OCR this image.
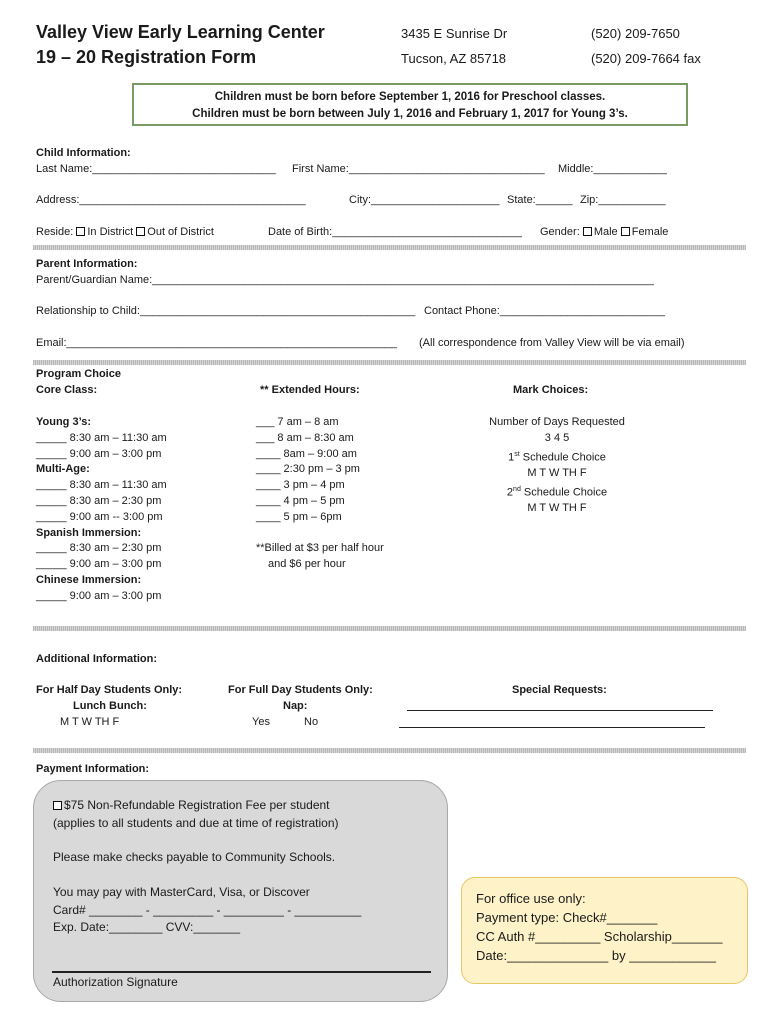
Valley View Early Learning Center
19 – 20 Registration Form
3435 E Sunrise Dr
Tucson, AZ 85718
(520) 209-7650
(520) 209-7664 fax
Children must be born before September 1, 2016 for Preschool classes.
Children must be born between July 1, 2016 and February 1, 2017 for Young 3’s.
Child Information:
Last Name:______________________________ First Name:________________________________ Middle:____________
Address:_____________________________________	City:_____________________ State:______ Zip:___________
Reside: In District Out of District	Date of Birth:_______________________________ Gender: Male Female
Parent Information:
Parent/Guardian Name:__________________________________________________________________________________
Relationship to Child:_____________________________________________ Contact Phone:___________________________
Email:______________________________________________________ (All correspondence from Valley View will be via email)
Program Choice
Core Class:	** Extended Hours:	Mark Choices:
Young 3’s:
_____ 8:30 am – 11:30 am
_____ 9:00 am – 3:00 pm
Multi-Age:
_____ 8:30 am – 11:30 am
_____ 8:30 am – 2:30 pm
_____ 9:00 am -- 3:00 pm
Spanish Immersion:
_____ 8:30 am – 2:30 pm
_____ 9:00 am – 3:00 pm
Chinese Immersion:
_____ 9:00 am – 3:00 pm
___ 7 am – 8 am
___ 8 am – 8:30 am
____ 8am – 9:00 am
____ 2:30 pm – 3 pm
____ 3 pm – 4 pm
____ 4 pm – 5 pm
____ 5 pm – 6pm
**Billed at $3 per half hour
and $6 per hour
Number of Days Requested
3 4 5
1st Schedule Choice
M T W TH F
2nd Schedule Choice
M T W TH F
Additional Information:
For Half Day Students Only:
Lunch Bunch:
M T W TH F
For Full Day Students Only:
Nap:
Yes	No
Special Requests:
Payment Information:
$75 Non-Refundable Registration Fee per student
(applies to all students and due at time of registration)
Please make checks payable to Community Schools.
You may pay with MasterCard, Visa, or Discover
Card# ________ - _________ - _________ - __________
Exp. Date:________ CVV:_______
Authorization Signature
For office use only:
Payment type: Check#_______
CC Auth #_________ Scholarship_______
Date:______________ by ____________
